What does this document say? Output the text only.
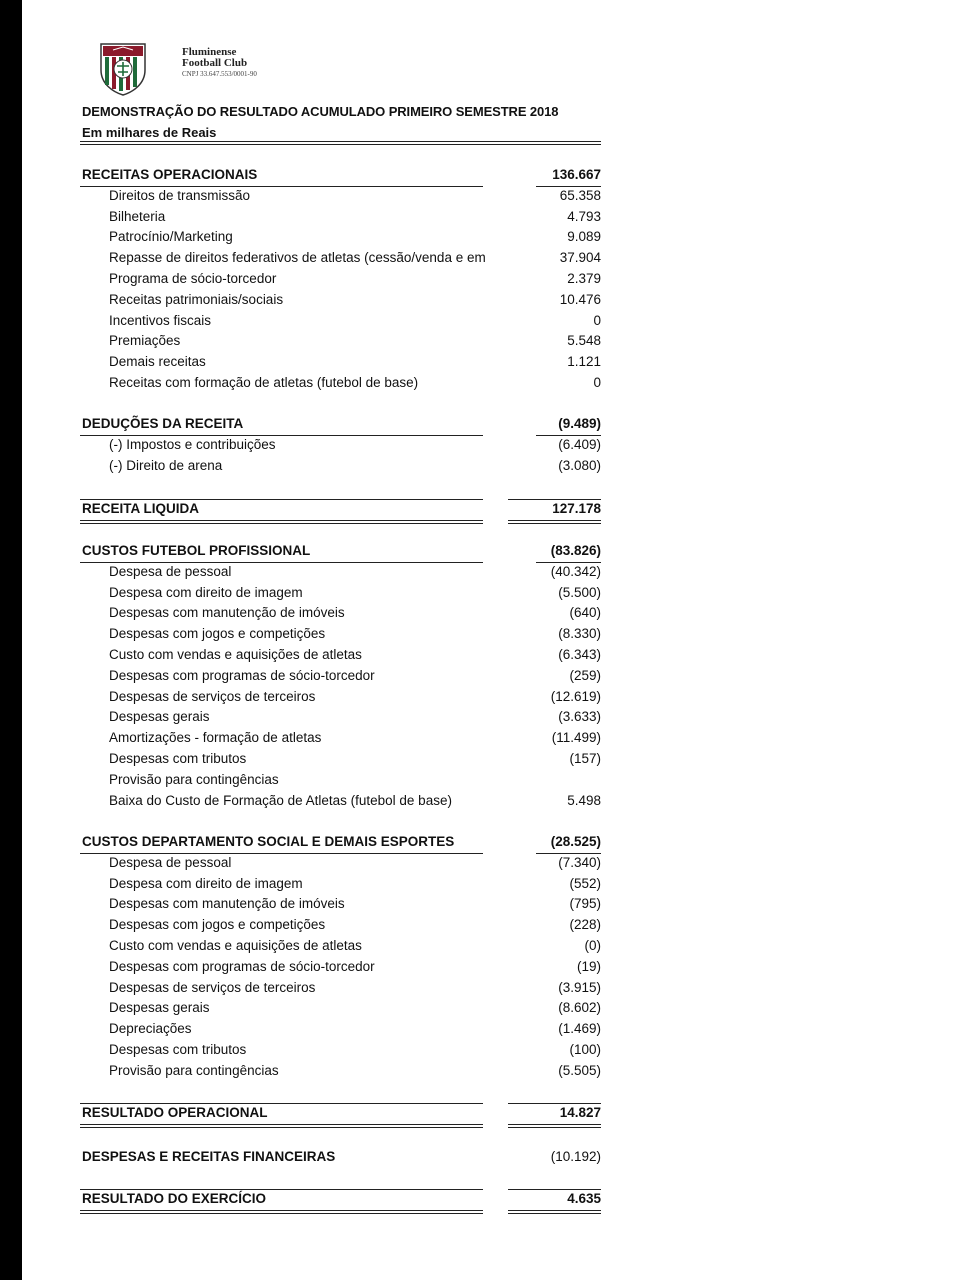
Fluminense
Football Club
CNPJ 33.647.553/0001-90
DEMONSTRAÇÃO DO RESULTADO ACUMULADO PRIMEIRO SEMESTRE 2018
Em milhares de Reais
RECEITAS OPERACIONAIS	136.667
Direitos de transmissão	65.358
Bilheteria	4.793
Patrocínio/Marketing	9.089
Repasse de direitos federativos de atletas (cessão/venda e em	37.904
Programa de sócio-torcedor	2.379
Receitas patrimoniais/sociais	10.476
Incentivos fiscais	0
Premiações	5.548
Demais receitas	1.121
Receitas com formação de atletas (futebol de base)	0
DEDUÇÕES DA RECEITA	(9.489)
(-) Impostos e contribuições	(6.409)
(-) Direito de arena	(3.080)
RECEITA LIQUIDA	127.178
CUSTOS FUTEBOL PROFISSIONAL	(83.826)
Despesa de pessoal	(40.342)
Despesa com direito de imagem	(5.500)
Despesas com manutenção de imóveis	(640)
Despesas com jogos e competições	(8.330)
Custo com vendas e aquisições de atletas	(6.343)
Despesas com programas de sócio-torcedor	(259)
Despesas de serviços de terceiros	(12.619)
Despesas gerais	(3.633)
Amortizações - formação de atletas	(11.499)
Despesas com tributos	(157)
Provisão para contingências
Baixa do Custo de Formação de Atletas (futebol de base)	5.498
CUSTOS DEPARTAMENTO SOCIAL E DEMAIS ESPORTES	(28.525)
Despesa de pessoal	(7.340)
Despesa com direito de imagem	(552)
Despesas com manutenção de imóveis	(795)
Despesas com jogos e competições	(228)
Custo com vendas e aquisições de atletas	(0)
Despesas com programas de sócio-torcedor	(19)
Despesas de serviços de terceiros	(3.915)
Despesas gerais	(8.602)
Depreciações	(1.469)
Despesas com tributos	(100)
Provisão para contingências	(5.505)
RESULTADO OPERACIONAL	14.827
DESPESAS E RECEITAS FINANCEIRAS	(10.192)
RESULTADO DO EXERCÍCIO	4.635
